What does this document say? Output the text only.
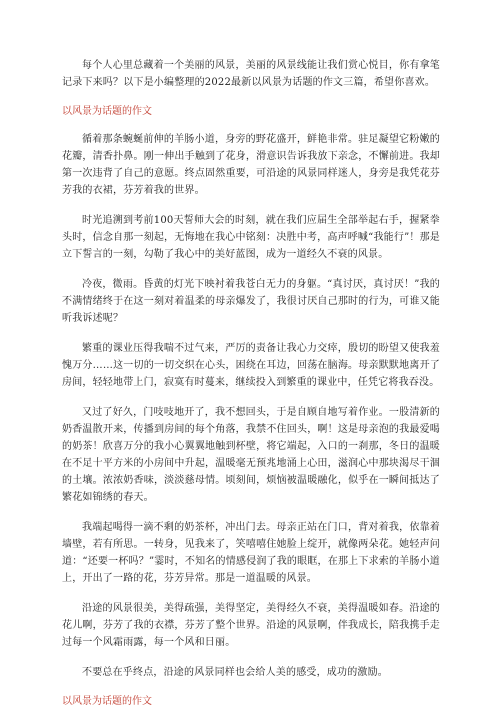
每个人心里总藏着一个美丽的风景，美丽的风景线能让我们赏心悦目，你有拿笔记录下来吗？以下是小编整理的2022最新以风景为话题的作文三篇，希望你喜欢。

以风景为话题的作文

循着那条蜿蜒前伸的羊肠小道，身旁的野花盛开，鲜艳非常。驻足凝望它粉嫩的花瓣，清香扑鼻。刚一伸出手触到了花身，滑意识告诉我放下亲念，不懈前进。我却第一次违背了自己的意愿。终点固然重要，可沿途的风景同样迷人，身旁是我凭花芬芳我的衣裙，芬芳着我的世界。

时光追溯到考前100天誓师大会的时刻，就在我们应届生全部举起右手，握紧拳头时，信念自那一刻起，无悔地在我心中铭刻：决胜中考，高声呼喊“我能行”！那是立下誓言的一刻，勾勒了我心中的美好蓝图，成为一道经久不衰的风景。

冷夜，微雨。昏黄的灯光下映衬着我苍白无力的身躯。“真讨厌，真讨厌！”我的不满情绪终于在这一刻对着温柔的母亲爆发了，我很讨厌自己那时的行为，可谁又能听我诉述呢？

繁重的课业压得我喘不过气来，严厉的责备让我心力交瘁，殷切的盼望又使我羞愧万分……这一切的一切交织在心头，困绕在耳边，回荡在脑海。母亲默默地离开了房间，轻轻地带上门，寂寞有时蔓来，继续投入到繁重的课业中，任凭它将我吞没。

又过了好久，门吱吱地开了，我不想回头，于是自顾自地写着作业。一股清新的奶香温散开来，传播到房间的每个角落，我禁不住回头，啊！这是母亲泡的我最爱喝的奶茶！欣喜万分的我小心翼翼地触到杯壁，将它端起，入口的一刹那，冬日的温暖在不足十平方米的小房间中升起，温暖毫无预兆地涌上心田，滋润心中那块渴尽干涸的土壤。浓浓奶香味，淡淡慈母情。顷刻间，烦恼被温暖融化，似乎在一瞬间抵达了繁花如锦绣的春天。

我端起喝得一滴不剩的奶茶杯，冲出门去。母亲正站在门口，背对着我，依靠着墙壁，若有所思。一转身，见我来了，笑嘻嘻住她脸上绽开，就像两朵花。她轻声问道：“还要一杯吗？”霎时，不知名的情感侵润了我的眼眶，在那上下求索的羊肠小道上，开出了一路的花，芬芳异常。那是一道温暖的风景。

沿途的风景很美，美得疏强，美得坚定，美得经久不衰，美得温暖如春。沿途的花儿啊，芬芳了我的衣襟，芬芳了整个世界。沿途的风景啊，伴我成长，陪我携手走过每一个风霜雨露，每一个风和日丽。

不要总在乎终点，沿途的风景同样也会给人美的感受，成功的激励。

以风景为话题的作文
